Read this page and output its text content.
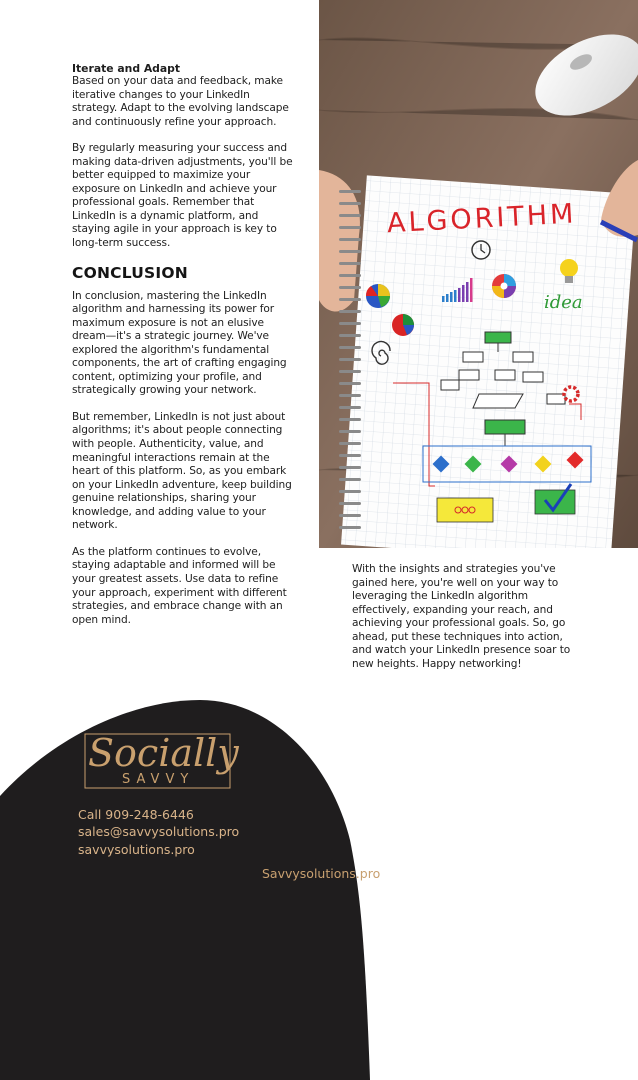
Iterate and Adapt

Based on your data and feedback, make iterative changes to your LinkedIn strategy. Adapt to the evolving landscape and continuously refine your approach.

By regularly measuring your success and making data-driven adjustments, you'll be better equipped to maximize your exposure on LinkedIn and achieve your professional goals. Remember that LinkedIn is a dynamic platform, and staying agile in your approach is key to long-term success.

CONCLUSION

In conclusion, mastering the LinkedIn algorithm and harnessing its power for maximum exposure is not an elusive dream—it's a strategic journey. We've explored the algorithm's fundamental components, the art of crafting engaging content, optimizing your profile, and strategically growing your network.

But remember, LinkedIn is not just about algorithms; it's about people connecting with people. Authenticity, value, and meaningful interactions remain at the heart of this platform. So, as you embark on your LinkedIn adventure, keep building genuine relationships, sharing your knowledge, and adding value to your network.

As the platform continues to evolve, staying adaptable and informed will be your greatest assets. Use data to refine your approach, experiment with different strategies, and embrace change with an open mind.

ALGORITHM
idea

With the insights and strategies you've gained here, you're well on your way to leveraging the LinkedIn algorithm effectively, expanding your reach, and achieving your professional goals. So, go ahead, put these techniques into action, and watch your LinkedIn presence soar to new heights. Happy networking!

Socially
SAVVY
Call 909-248-6446
sales@savvysolutions.pro
savvysolutions.pro
Savvysolutions.pro
